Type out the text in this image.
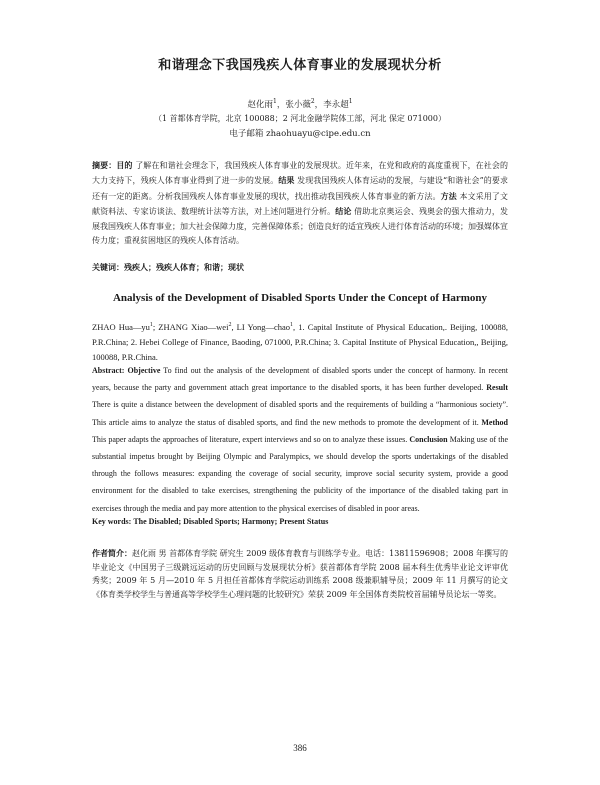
和谐理念下我国残疾人体育事业的发展现状分析
赵化雨$^1$，张小薇$^2$，李永超$^1$
（1 首都体育学院，北京 100088；2 河北金融学院体工部，河北 保定 071000）
电子邮箱 zhaohuayu@cipe.edu.cn
摘要：目的 了解在和谐社会理念下，我国残疾人体育事业的发展现状。近年来，在党和政府的高度重视下，在社会的大力支持下，残疾人体育事业得到了进一步的发展。结果 发现我国残疾人体育运动的发展，与建设“和谐社会”的要求还有一定的距离。分析我国残疾人体育事业发展的现状，找出推动我国残疾人体育事业的新方法。方法 本文采用了文献资料法、专家访谈法、数理统计法等方法，对上述问题进行分析。结论 借助北京奥运会、残奥会的强大推动力，发展我国残疾人体育事业；加大社会保障力度，完善保障体系；创造良好的适宜残疾人进行体育活动的环境；加强媒体宣传力度；重视贫困地区的残疾人体育活动。
关键词：残疾人；残疾人体育；和谐；现状
Analysis of the Development of Disabled Sports Under the Concept of Harmony
ZHAO $Hua—yu^1$; ZHANG Xiao—wei$^2$, LI Yong—chao$^1$, 1. Capital Institute of Physical Education,. Beijing, 100088, P.R.China; 2. Hebei College of Finance, Baoding, 071000, P.R.China; 3. Capital Institute of Physical Education,, Beijing, 100088, P.R.China.
Abstract: Objective To find out the analysis of the development of disabled sports under the concept of harmony. In recent years, because the party and government attach great importance to the disabled sports, it has been further developed. Result There is quite a distance between the development of disabled sports and the requirements of building a “harmonious society”. This article aims to analyze the status of disabled sports, and find the new methods to promote the development of it. Method This paper adapts the approaches of literature, expert interviews and so on to analyze these issues. Conclusion Making use of the substantial impetus brought by Beijing Olympic and Paralympics, we should develop the sports undertakings of the disabled through the follows measures: expanding the coverage of social security, improve social security system, provide a good environment for the disabled to take exercises, strengthening the publicity of the importance of the disabled taking part in exercises through the media and pay more attention to the physical exercises of disabled in poor areas.
Key words: The Disabled; Disabled Sports; Harmony; Present Status
作者简介：赵化雨 男 首都体育学院 研究生 2009 级体育教育与训练学专业。电话：13811596908；2008 年撰写的毕业论文《中国男子三级跳远运动的历史回顾与发展现状分析》获首都体育学院 2008 届本科生优秀毕业论文评审优秀奖；2009 年 5 月—2010 年 5 月担任首都体育学院运动训练系 2008 级兼职辅导员；2009 年 11 月撰写的论文《体育类学校学生与普通高等学校学生心理问题的比较研究》荣获 2009 年全国体育类院校首届辅导员论坛一等奖。
386
